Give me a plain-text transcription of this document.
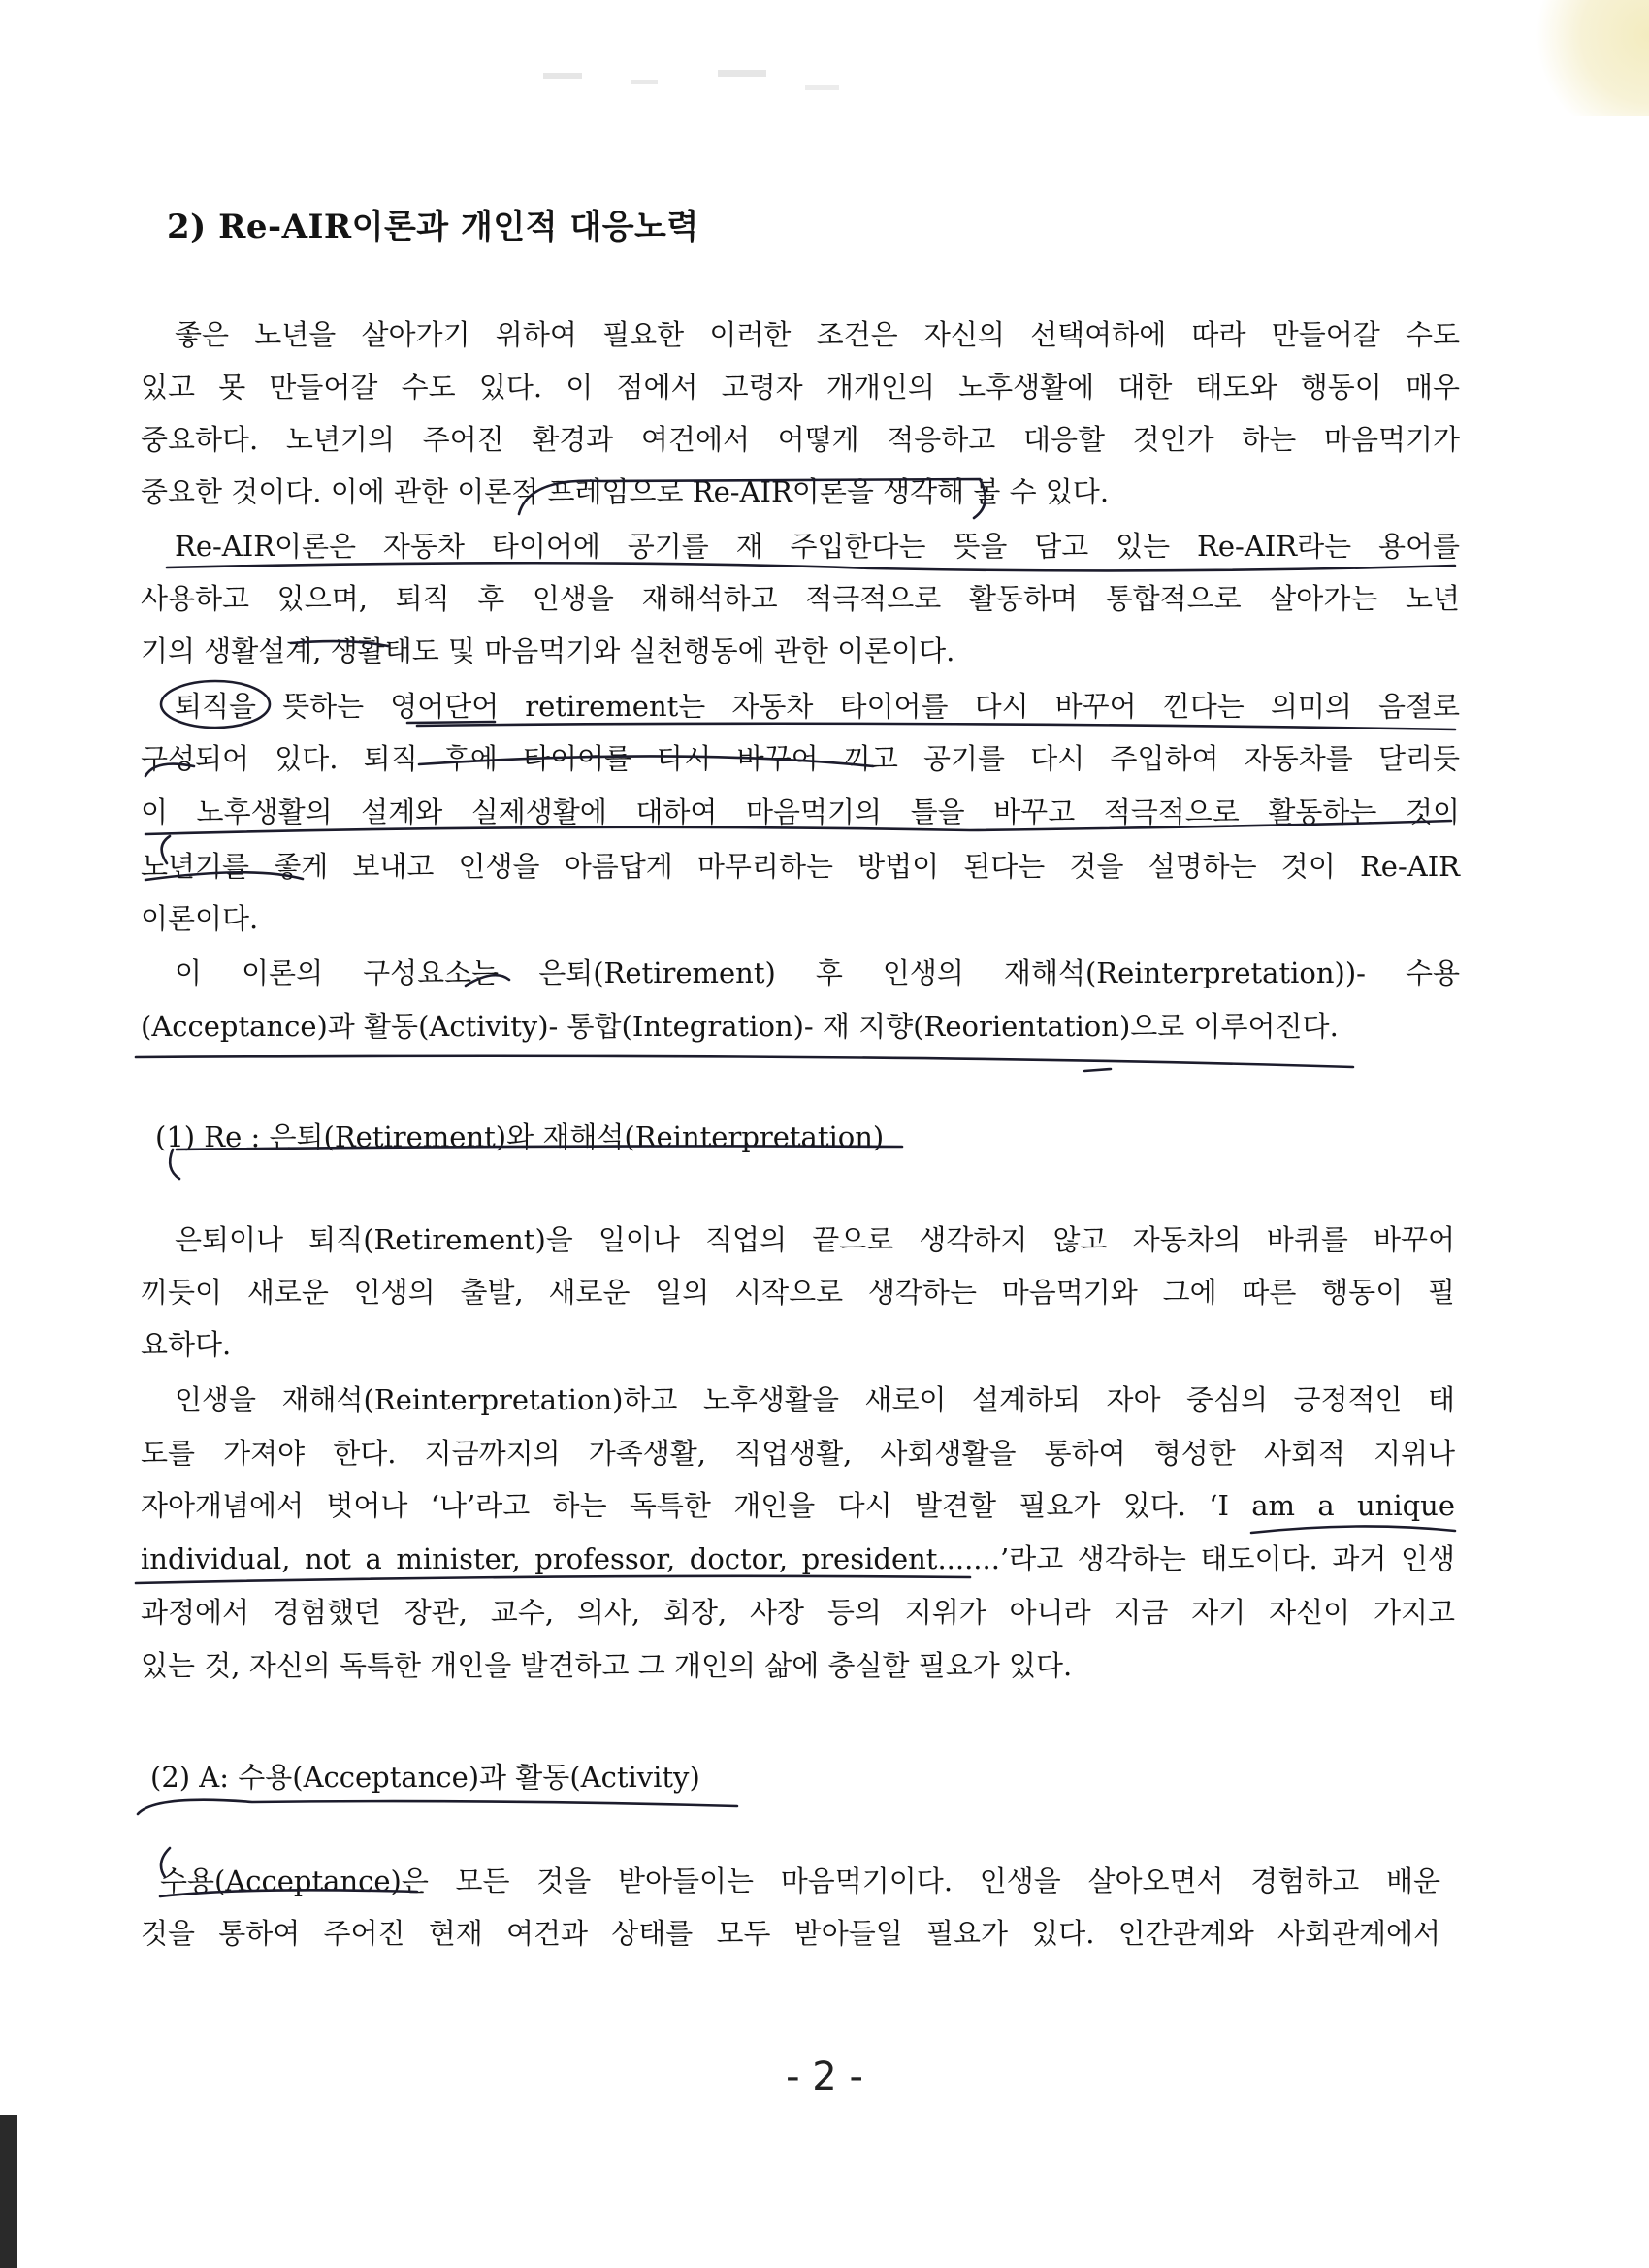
2) Re-AIR이론과 개인적 대응노력
좋은 노년을 살아가기 위하여 필요한 이러한 조건은 자신의 선택여하에 따라 만들어갈 수도
있고 못 만들어갈 수도 있다. 이 점에서 고령자 개개인의 노후생활에 대한 태도와 행동이 매우
중요하다. 노년기의 주어진 환경과 여건에서 어떻게 적응하고 대응할 것인가 하는 마음먹기가
중요한 것이다. 이에 관한 이론적 프레임으로 Re-AIR이론을 생각해 볼 수 있다.
Re-AIR이론은 자동차 타이어에 공기를 재 주입한다는 뜻을 담고 있는 Re-AIR라는 용어를
사용하고 있으며, 퇴직 후 인생을 재해석하고 적극적으로 활동하며 통합적으로 살아가는 노년
기의 생활설계, 생활태도 및 마음먹기와 실천행동에 관한 이론이다.
퇴직을 뜻하는 영어단어 retirement는 자동차 타이어를 다시 바꾸어 낀다는 의미의 음절로
구성되어 있다. 퇴직 후에 타이어를 다시 바꾸어 끼고 공기를 다시 주입하여 자동차를 달리듯
이 노후생활의 설계와 실제생활에 대하여 마음먹기의 틀을 바꾸고 적극적으로 활동하는 것이
노년기를 좋게 보내고 인생을 아름답게 마무리하는 방법이 된다는 것을 설명하는 것이 Re-AIR
이론이다.
이 이론의 구성요소는 은퇴(Retirement) 후 인생의 재해석(Reinterpretation))- 수용
(Acceptance)과 활동(Activity)- 통합(Integration)- 재 지향(Reorientation)으로 이루어진다.
(1) Re : 은퇴(Retirement)와 재해석(Reinterpretation)
은퇴이나 퇴직(Retirement)을 일이나 직업의 끝으로 생각하지 않고 자동차의 바퀴를 바꾸어
끼듯이 새로운 인생의 출발, 새로운 일의 시작으로 생각하는 마음먹기와 그에 따른 행동이 필
요하다.
인생을 재해석(Reinterpretation)하고 노후생활을 새로이 설계하되 자아 중심의 긍정적인 태
도를 가져야 한다. 지금까지의 가족생활, 직업생활, 사회생활을 통하여 형성한 사회적 지위나
자아개념에서 벗어나 ‘나’라고 하는 독특한 개인을 다시 발견할 필요가 있다. ‘I am a unique
individual, not a minister, professor, doctor, president.......’라고 생각하는 태도이다. 과거 인생
과정에서 경험했던 장관, 교수, 의사, 회장, 사장 등의 지위가 아니라 지금 자기 자신이 가지고
있는 것, 자신의 독특한 개인을 발견하고 그 개인의 삶에 충실할 필요가 있다.
(2) A: 수용(Acceptance)과 활동(Activity)
수용(Acceptance)은 모든 것을 받아들이는 마음먹기이다. 인생을 살아오면서 경험하고 배운
것을 통하여 주어진 현재 여건과 상태를 모두 받아들일 필요가 있다. 인간관계와 사회관계에서
- 2 -
